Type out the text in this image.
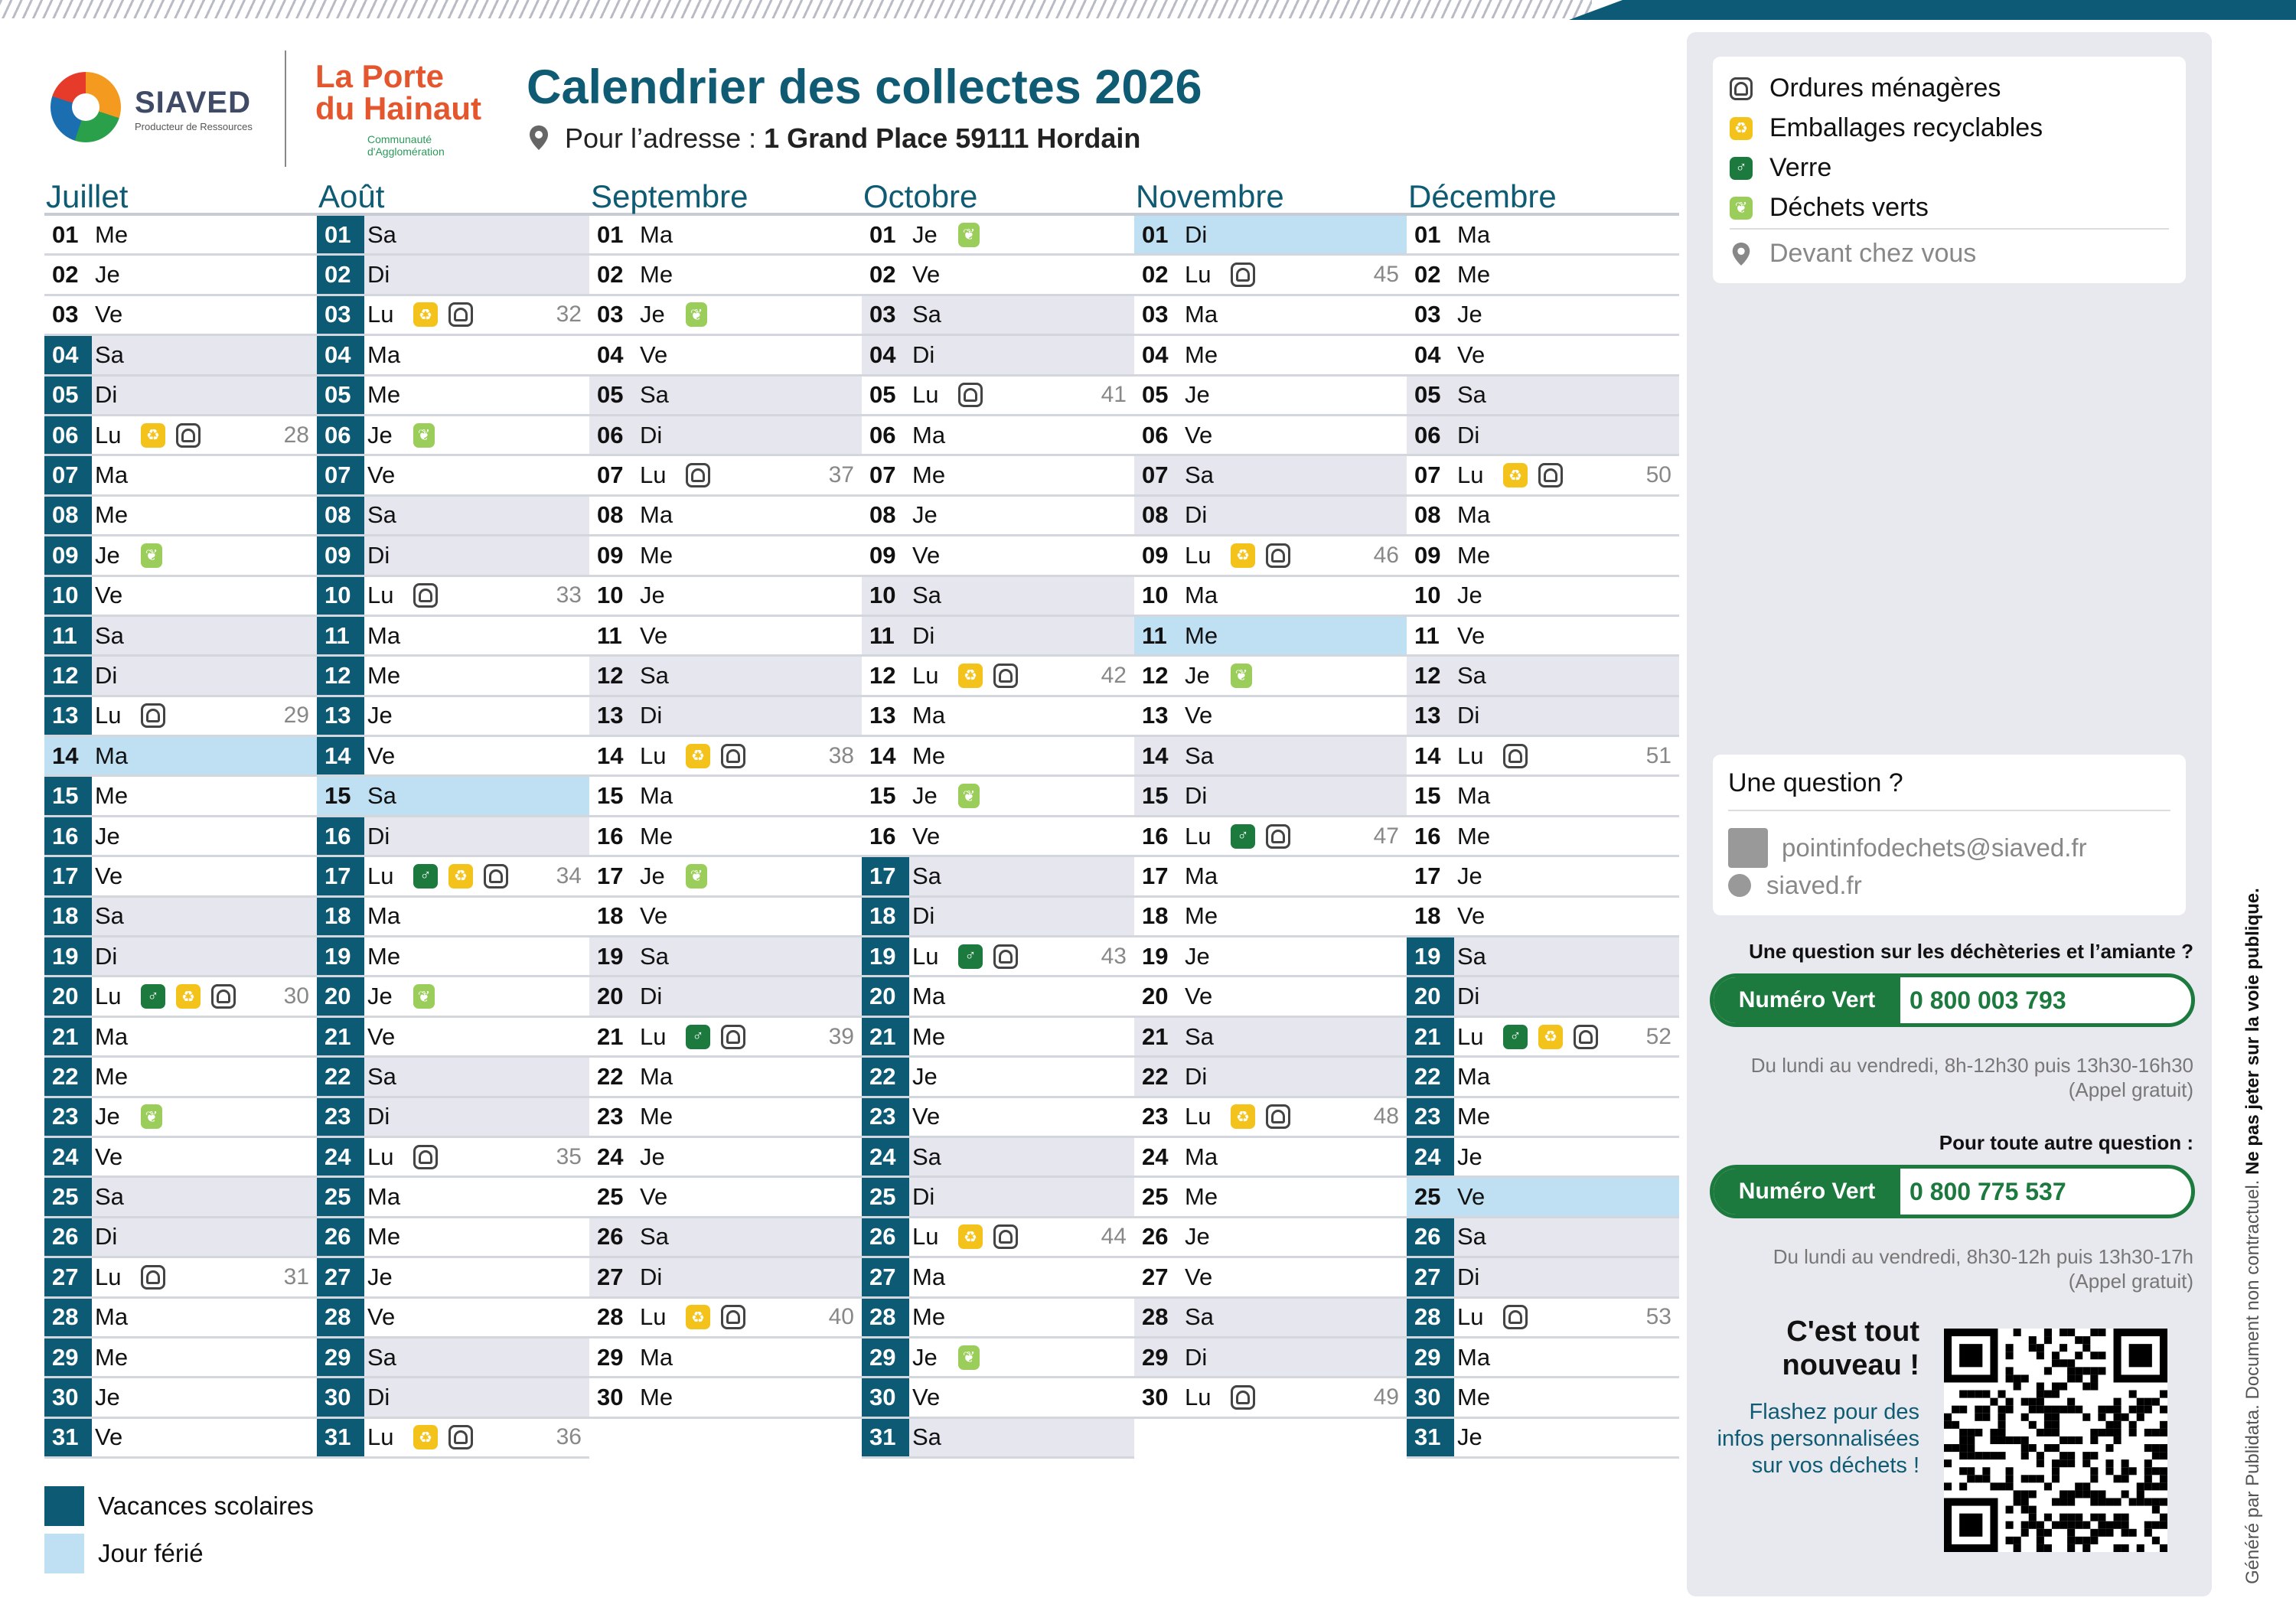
SIAVED
Producteur de Ressources
La Porte
du Hainaut
Communauté d'Agglomération
Calendrier des collectes 2026
Pour l’adresse : 1 Grand Place 59111 Hordain
Juillet
01 Me
02 Je
03 Ve
04 Sa
05 Di
06 Lu	♻	28
07 Ma
08 Me
09 Je	❦
10 Ve
11 Sa
12 Di
13 Lu	29
14 Ma
15 Me
16 Je
17 Ve
18 Sa
19 Di
20 Lu	♂	♻	30
21 Ma
22 Me
23 Je	❦
24 Ve
25 Sa
26 Di
27 Lu	31
28 Ma
29 Me
30 Je
31 Ve
Août
01 Sa
02 Di
03 Lu	♻	32
04 Ma
05 Me
06 Je	❦
07 Ve
08 Sa
09 Di
10 Lu	33
11 Ma
12 Me
13 Je
14 Ve
15 Sa
16 Di
17 Lu	♂	♻	34
18 Ma
19 Me
20 Je	❦
21 Ve
22 Sa
23 Di
24 Lu	35
25 Ma
26 Me
27 Je
28 Ve
29 Sa
30 Di
31 Lu	♻	36
Septembre
01 Ma
02 Me
03 Je	❦
04 Ve
05 Sa
06 Di
07 Lu	37
08 Ma
09 Me
10 Je
11 Ve
12 Sa
13 Di
14 Lu	♻	38
15 Ma
16 Me
17 Je	❦
18 Ve
19 Sa
20 Di
21 Lu	♂	39
22 Ma
23 Me
24 Je
25 Ve
26 Sa
27 Di
28 Lu	♻	40
29 Ma
30 Me
Octobre
01 Je	❦
02 Ve
03 Sa
04 Di
05 Lu	41
06 Ma
07 Me
08 Je
09 Ve
10 Sa
11 Di
12 Lu	♻	42
13 Ma
14 Me
15 Je	❦
16 Ve
17 Sa
18 Di
19 Lu	♂	43
20 Ma
21 Me
22 Je
23 Ve
24 Sa
25 Di
26 Lu	♻	44
27 Ma
28 Me
29 Je	❦
30 Ve
31 Sa
Novembre
01 Di
02 Lu	45
03 Ma
04 Me
05 Je
06 Ve
07 Sa
08 Di
09 Lu	♻	46
10 Ma
11 Me
12 Je	❦
13 Ve
14 Sa
15 Di
16 Lu	♂	47
17 Ma
18 Me
19 Je
20 Ve
21 Sa
22 Di
23 Lu	♻	48
24 Ma
25 Me
26 Je
27 Ve
28 Sa
29 Di
30 Lu	49
Décembre
01 Ma
02 Me
03 Je
04 Ve
05 Sa
06 Di
07 Lu	♻	50
08 Ma
09 Me
10 Je
11 Ve
12 Sa
13 Di
14 Lu	51
15 Ma
16 Me
17 Je
18 Ve
19 Sa
20 Di
21 Lu	♂	♻	52
22 Ma
23 Me
24 Je
25 Ve
26 Sa
27 Di
28 Lu	53
29 Ma
30 Me
31 Je
Ordures ménagères
♻ Emballages recyclables
♂ Verre
❦ Déchets verts
Devant chez vous
Une question ?
pointinfodechets@siaved.fr
siaved.fr
Une question sur les déchèteries et l’amiante ?
Numéro Vert	0 800 003 793
Du lundi au vendredi, 8h-12h30 puis 13h30-16h30
(Appel gratuit)
Pour toute autre question :
Numéro Vert	0 800 775 537
Du lundi au vendredi, 8h30-12h puis 13h30-17h
(Appel gratuit)
C'est tout nouveau !
Flashez pour des infos personnalisées sur vos déchets !
Généré par Publidata. Document non contractuel. Ne pas jeter sur la voie publique.
Vacances scolaires
Jour férié
